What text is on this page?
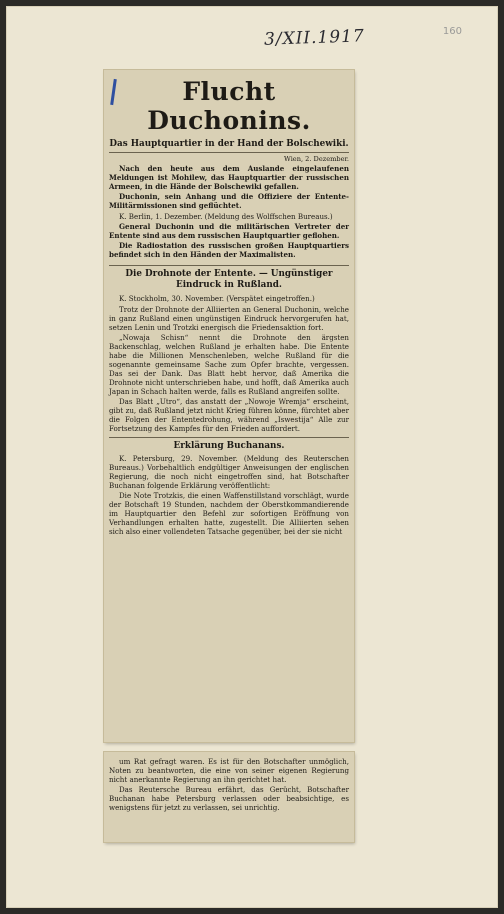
3/XII.1917	160
Flucht Duchonins.
Das Hauptquartier in der Hand der Bolschewiki.
Wien, 2. Dezember.

Nach den heute aus dem Auslande eingelaufenen Meldungen ist Mohilew, das Hauptquartier der russischen Armeen, in die Hände der Bolschewiki gefallen.

Duchonin, sein Anhang und die Offiziere der Entente-Militärmissionen sind geflüchtet.

K. Berlin, 1. Dezember. (Meldung des Wolffschen Bureaus.)

General Duchonin und die militärischen Vertreter der Entente sind aus dem russischen Hauptquartier geflohen.

Die Radiostation des russischen großen Hauptquartiers befindet sich in den Händen der Maximalisten.

Die Drohnote der Entente. — Ungünstiger Eindruck in Rußland.

K. Stockholm, 30. November. (Verspätet eingetroffen.)

Trotz der Drohnote der Alliierten an General Duchonin, welche in ganz Rußland einen ungünstigen Eindruck hervorgerufen hat, setzen Lenin und Trotzki energisch die Friedensaktion fort.

„Nowaja Schisn“ nennt die Drohnote den ärgsten Backenschlag, welchen Rußland je erhalten habe. Die Entente habe die Millionen Menschenleben, welche Rußland für die sogenannte gemeinsame Sache zum Opfer brachte, vergessen. Das sei der Dank. Das Blatt hebt hervor, daß Amerika die Drohnote nicht unterschrieben habe, und hofft, daß Amerika auch Japan in Schach halten werde, falls es Rußland angreifen sollte.

Das Blatt „Utro“, das anstatt der „Nowoje Wremja“ erscheint, gibt zu, daß Rußland jetzt nicht Krieg führen könne, fürchtet aber die Folgen der Ententedrohung, während „Iswestija“ Alle zur Fortsetzung des Kampfes für den Frieden auffordert.

Erklärung Buchanans.

K. Petersburg, 29. November. (Meldung des Reuterschen Bureaus.) Vorbehaltlich endgültiger Anweisungen der englischen Regierung, die noch nicht eingetroffen sind, hat Botschafter Buchanan folgende Erklärung veröffentlicht:

Die Note Trotzkis, die einen Waffenstillstand vorschlägt, wurde der Botschaft 19 Stunden, nachdem der Oberstkommandierende im Hauptquartier den Befehl zur sofortigen Eröffnung von Verhandlungen erhalten hatte, zugestellt. Die Alliierten sehen sich also einer vollendeten Tatsache gegenüber, bei der sie nicht

um Rat gefragt waren. Es ist für den Botschafter unmöglich, Noten zu beantworten, die eine von seiner eigenen Regierung nicht anerkannte Regierung an ihn gerichtet hat.

Das Reutersche Bureau erfährt, das Gerücht, Botschafter Buchanan habe Petersburg verlassen oder beabsichtige, es wenigstens für jetzt zu verlassen, sei unrichtig.
